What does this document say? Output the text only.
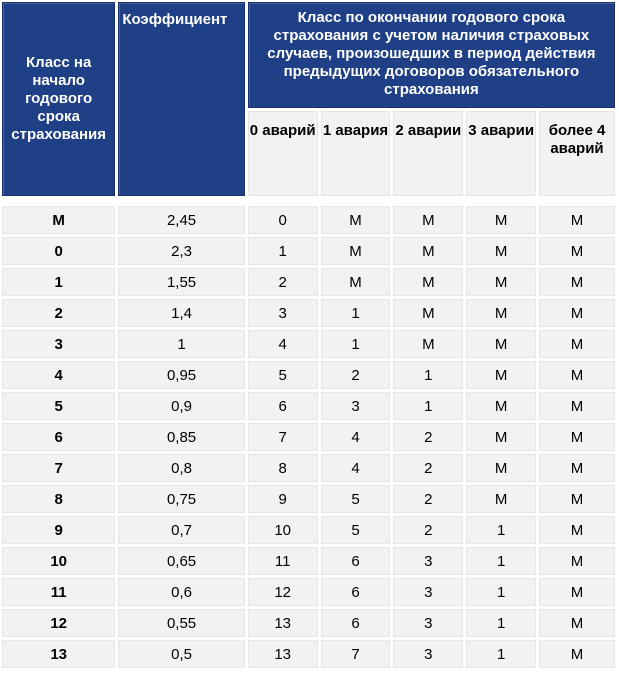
Класс на начало годового срока страхования	Коэффициент	Класс по окончании годового срока страхования с учетом наличия страховых случаев, произошедших в период действия предыдущих договоров обязательного страхования				
		0 аварий	1 авария	2 аварии	3 аварии	более 4 аварий

М	2,45	0	М	М	М	М
0	2,3	1	М	М	М	М
1	1,55	2	М	М	М	М
2	1,4	3	1	М	М	М
3	1	4	1	М	М	М
4	0,95	5	2	1	М	М
5	0,9	6	3	1	М	М
6	0,85	7	4	2	М	М
7	0,8	8	4	2	М	М
8	0,75	9	5	2	М	М
9	0,7	10	5	2	1	М
10	0,65	11	6	3	1	М
11	0,6	12	6	3	1	М
12	0,55	13	6	3	1	М
13	0,5	13	7	3	1	М
